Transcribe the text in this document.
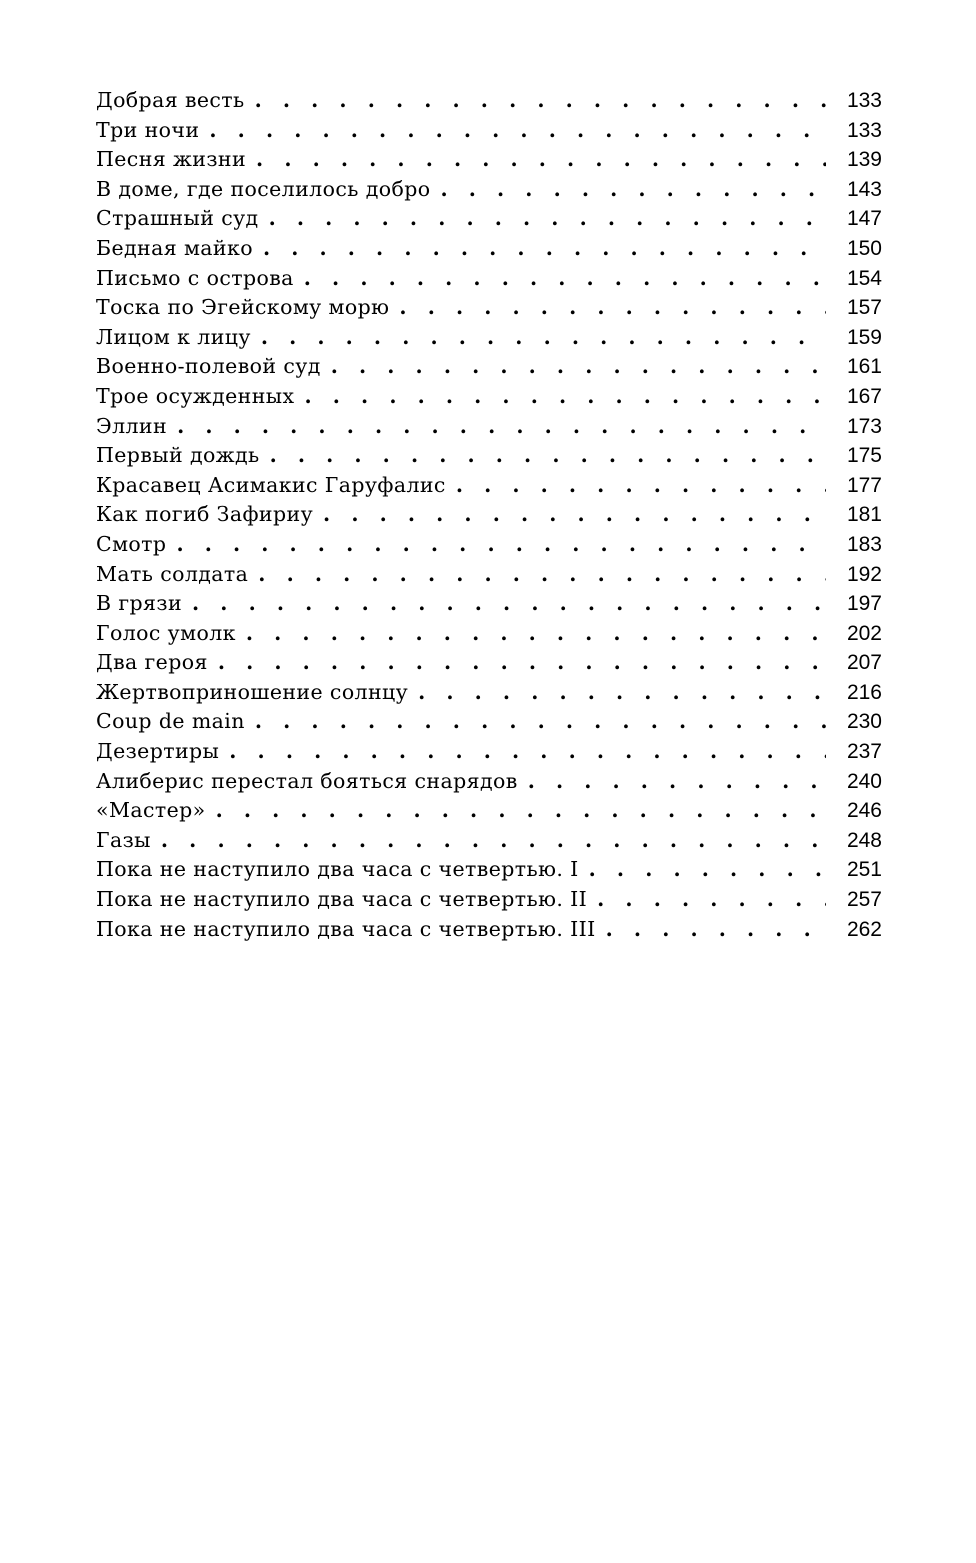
Добрая весть . . .	133
Три ночи . . .	133
Песня жизни . . .	139
В доме, где поселилось добро . . .	143
Страшный суд . . .	147
Бедная майко . . .	150
Письмо с острова . . .	154
Тоска по Эгейскому морю . . .	157
Лицом к лицу . . .	159
Военно-полевой суд . . .	161
Трое осужденных . . .	167
Эллин . . .	173
Первый дождь . . .	175
Красавец Асимакис Гаруфалис . . .	177
Как погиб Зафириу . . .	181
Смотр . . .	183
Мать солдата . . .	192
В грязи . . .	197
Голос умолк . . .	202
Два героя . . .	207
Жертвоприношение солнцу . . .	216
Coup de main . . .	230
Дезертиры . . .	237
Алиберис перестал бояться снарядов . . .	240
«Мастер» . . .	246
Газы . . .	248
Пока не наступило два часа с четвертью. I . . .	251
Пока не наступило два часа с четвертью. II . . .	257
Пока не наступило два часа с четвертью. III . . .	262
